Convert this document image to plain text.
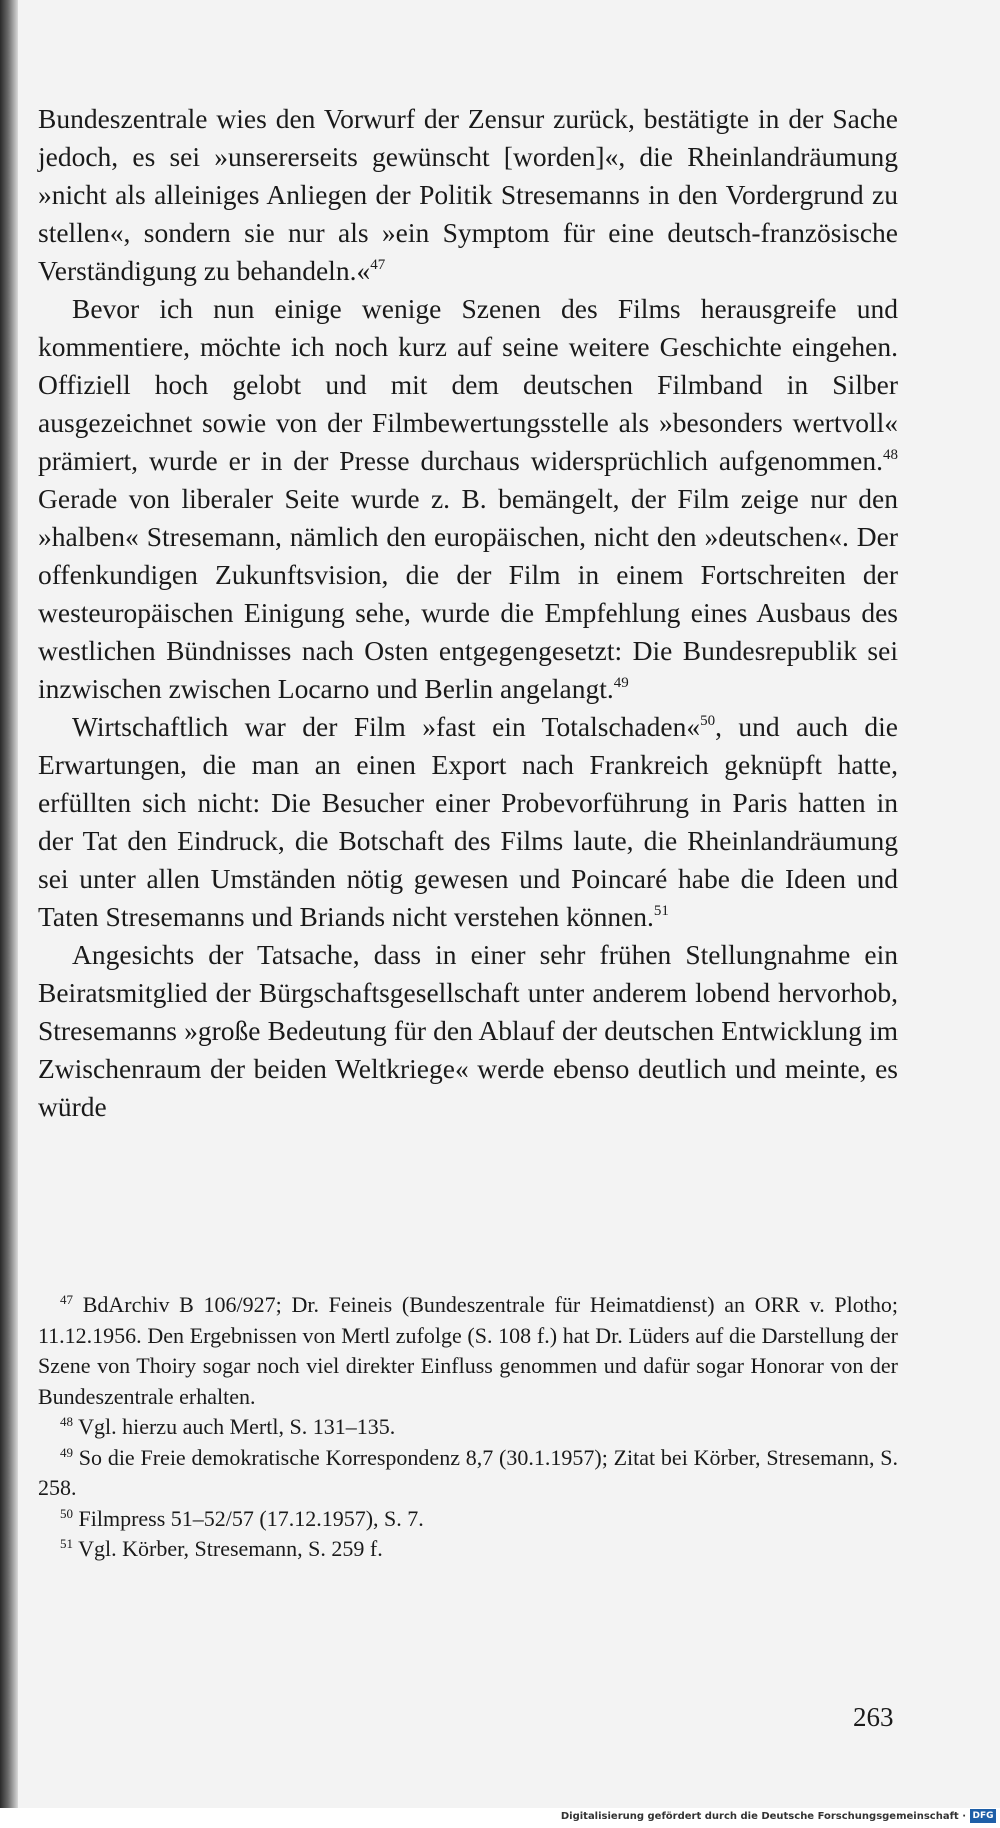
Bundeszentrale wies den Vorwurf der Zensur zurück, bestätigte in der Sache jedoch, es sei »unsererseits gewünscht [worden]«, die Rheinlandräumung »nicht als alleiniges Anliegen der Politik Stresemanns in den Vordergrund zu stellen«, sondern sie nur als »ein Symptom für eine deutsch-französische Verständigung zu behandeln.«$^{47}$

Bevor ich nun einige wenige Szenen des Films herausgreife und kommentiere, möchte ich noch kurz auf seine weitere Geschichte eingehen. Offiziell hoch gelobt und mit dem deutschen Filmband in Silber ausgezeichnet sowie von der Filmbewertungsstelle als »besonders wertvoll« prämiert, wurde er in der Presse durchaus widersprüchlich aufgenommen.$^{48}$ Gerade von liberaler Seite wurde z. B. bemängelt, der Film zeige nur den »halben« Stresemann, nämlich den europäischen, nicht den »deutschen«. Der offenkundigen Zukunftsvision, die der Film in einem Fortschreiten der westeuropäischen Einigung sehe, wurde die Empfehlung eines Ausbaus des westlichen Bündnisses nach Osten entgegengesetzt: Die Bundesrepublik sei inzwischen zwischen Locarno und Berlin angelangt.$^{49}$

Wirtschaftlich war der Film »fast ein Totalschaden«$^{50}$, und auch die Erwartungen, die man an einen Export nach Frankreich geknüpft hatte, erfüllten sich nicht: Die Besucher einer Probevorführung in Paris hatten in der Tat den Eindruck, die Botschaft des Films laute, die Rheinlandräumung sei unter allen Umständen nötig gewesen und Poincaré habe die Ideen und Taten Stresemanns und Briands nicht verstehen können.$^{51}$

Angesichts der Tatsache, dass in einer sehr frühen Stellungnahme ein Beiratsmitglied der Bürgschaftsgesellschaft unter anderem lobend hervorhob, Stresemanns »große Bedeutung für den Ablauf der deutschen Entwicklung im Zwischenraum der beiden Weltkriege« werde ebenso deutlich und meinte, es würde

$^{47}$ BdArchiv B 106/927; Dr. Feineis (Bundeszentrale für Heimatdienst) an ORR v. Plotho; 11.12.1956. Den Ergebnissen von Mertl zufolge (S. 108 f.) hat Dr. Lüders auf die Darstellung der Szene von Thoiry sogar noch viel direkter Einfluss genommen und dafür sogar Honorar von der Bundeszentrale erhalten.

$^{48}$ Vgl. hierzu auch Mertl, S. 131–135.

$^{49}$ So die Freie demokratische Korrespondenz 8,7 (30.1.1957); Zitat bei Körber, Stresemann, S. 258.

$^{50}$ Filmpress 51–52/57 (17.12.1957), S. 7.

$^{51}$ Vgl. Körber, Stresemann, S. 259 f.

263
Digitalisierung gefördert durch die Deutsche Forschungsgemeinschaft · DFG
